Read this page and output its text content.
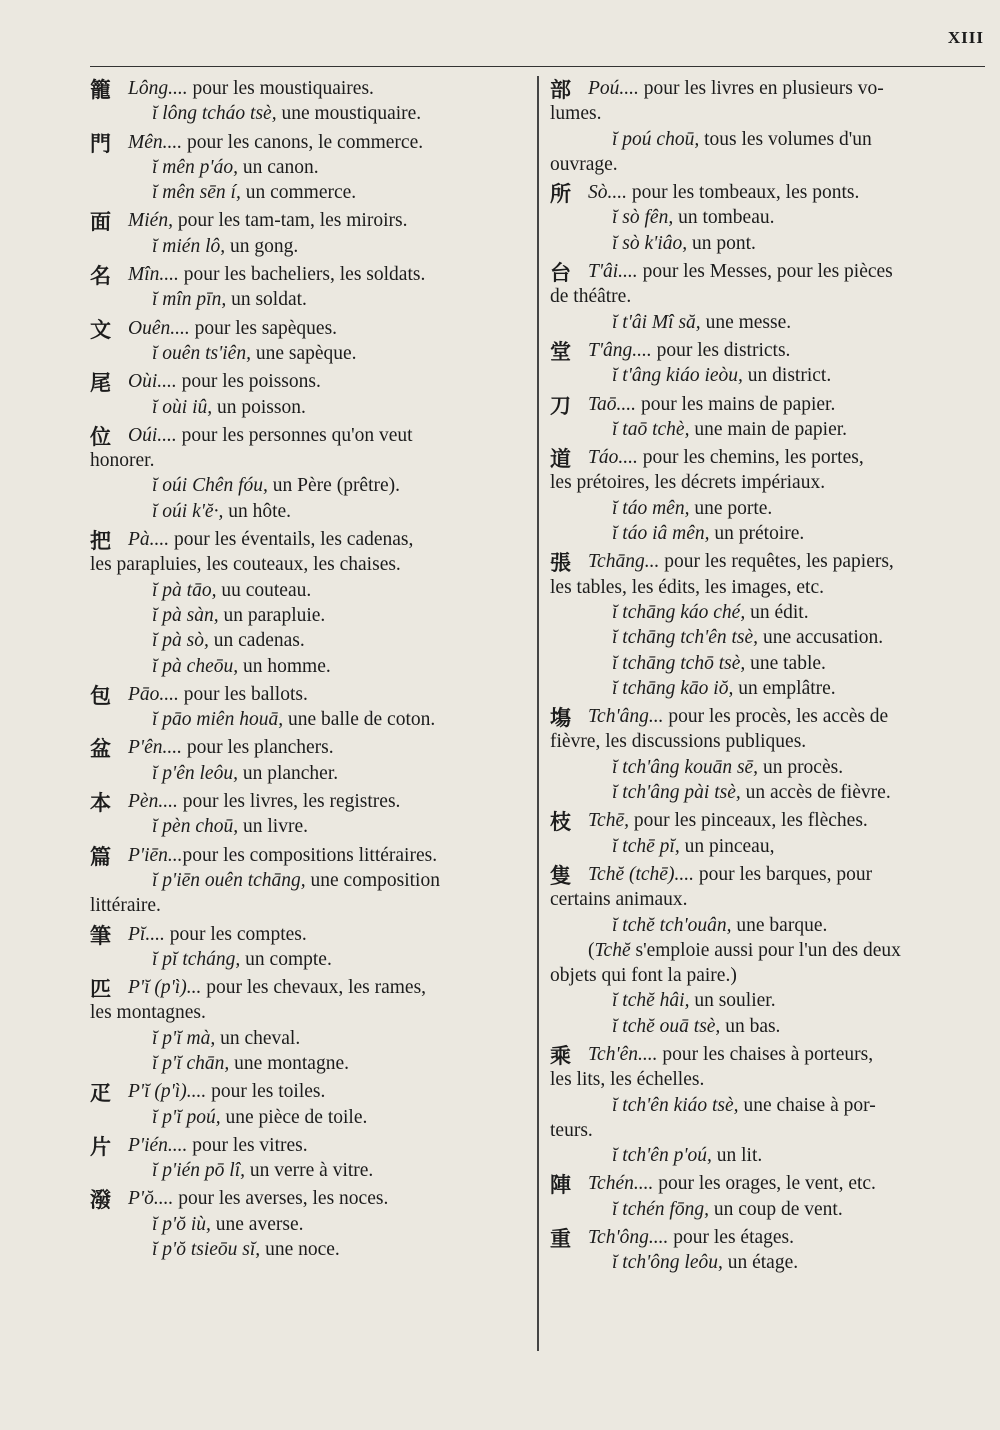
XIII
籠 Lông.... pour les moustiquaires.
ĭ lông tcháo tsè, une moustiquaire.
門 Mên.... pour les canons, le commerce.
ĭ mên p'áo, un canon.
ĭ mên sēn í, un commerce.
面 Mién, pour les tam-tam, les miroirs.
ĭ mién lô, un gong.
名 Mîn.... pour les bacheliers, les soldats.
ĭ mîn pīn, un soldat.
文 Ouên.... pour les sapèques.
ĭ ouên ts'iên, une sapèque.
尾 Oùi.... pour les poissons.
ĭ oùi iû, un poisson.
位 Oúi.... pour les personnes qu'on veut
honorer.
ĭ oúi Chên fóu, un Père (prêtre).
ĭ oúi k'ĕ·, un hôte.
把 Pà.... pour les éventails, les cadenas,
les parapluies, les couteaux, les chaises.
ĭ pà tāo, uu couteau.
ĭ pà sàn, un parapluie.
ĭ pà sò, un cadenas.
ĭ pà cheōu, un homme.
包 Pāo.... pour les ballots.
ĭ pāo miên houā, une balle de coton.
盆 P'ên.... pour les planchers.
ĭ p'ên leôu, un plancher.
本 Pèn.... pour les livres, les registres.
ĭ pèn choū, un livre.
篇 P'iēn...pour les compositions littéraires.
ĭ p'iēn ouên tchāng, une composition
littéraire.
筆 Pĭ.... pour les comptes.
ĭ pĭ tcháng, un compte.
匹 P'ĭ (p'ì)... pour les chevaux, les rames,
les montagnes.
ĭ p'ĭ mà, un cheval.
ĭ p'ĭ chān, une montagne.
疋 P'ĭ (p'ì).... pour les toiles.
ĭ p'ĭ poú, une pièce de toile.
片 P'ién.... pour les vitres.
ĭ p'ién pō lî, un verre à vitre.
潑 P'ŏ.... pour les averses, les noces.
ĭ p'ŏ iù, une averse.
ĭ p'ŏ tsieōu sĭ, une noce.
部 Poú.... pour les livres en plusieurs vo-
lumes.
ĭ poú choū, tous les volumes d'un
ouvrage.
所 Sò.... pour les tombeaux, les ponts.
ĭ sò fên, un tombeau.
ĭ sò k'iâo, un pont.
台 T'âi.... pour les Messes, pour les pièces
de théâtre.
ĭ t'âi Mî să, une messe.
堂 T'âng.... pour les districts.
ĭ t'âng kiáo ieòu, un district.
刀 Taō.... pour les mains de papier.
ĭ taō tchè, une main de papier.
道 Táo.... pour les chemins, les portes,
les prétoires, les décrets impériaux.
ĭ táo mên, une porte.
ĭ táo iâ mên, un prétoire.
張 Tchāng... pour les requêtes, les papiers,
les tables, les édits, les images, etc.
ĭ tchāng káo ché, un édit.
ĭ tchāng tch'ên tsè, une accusation.
ĭ tchāng tchō tsè, une table.
ĭ tchāng kāo iŏ, un emplâtre.
塲 Tch'âng... pour les procès, les accès de
fièvre, les discussions publiques.
ĭ tch'âng kouān sē, un procès.
ĭ tch'âng pài tsè, un accès de fièvre.
枝 Tchē, pour les pinceaux, les flèches.
ĭ tchē pĭ, un pinceau,
隻 Tchĕ (tchē).... pour les barques, pour
certains animaux.
ĭ tchĕ tch'ouân, une barque.
(Tchĕ s'emploie aussi pour l'un des deux
objets qui font la paire.)
ĭ tchĕ hâi, un soulier.
ĭ tchĕ ouā tsè, un bas.
乘 Tch'ên.... pour les chaises à porteurs,
les lits, les échelles.
ĭ tch'ên kiáo tsè, une chaise à por-
teurs.
ĭ tch'ên p'oú, un lit.
陣 Tchén.... pour les orages, le vent, etc.
ĭ tchén fōng, un coup de vent.
重 Tch'ông.... pour les étages.
ĭ tch'ông leôu, un étage.
